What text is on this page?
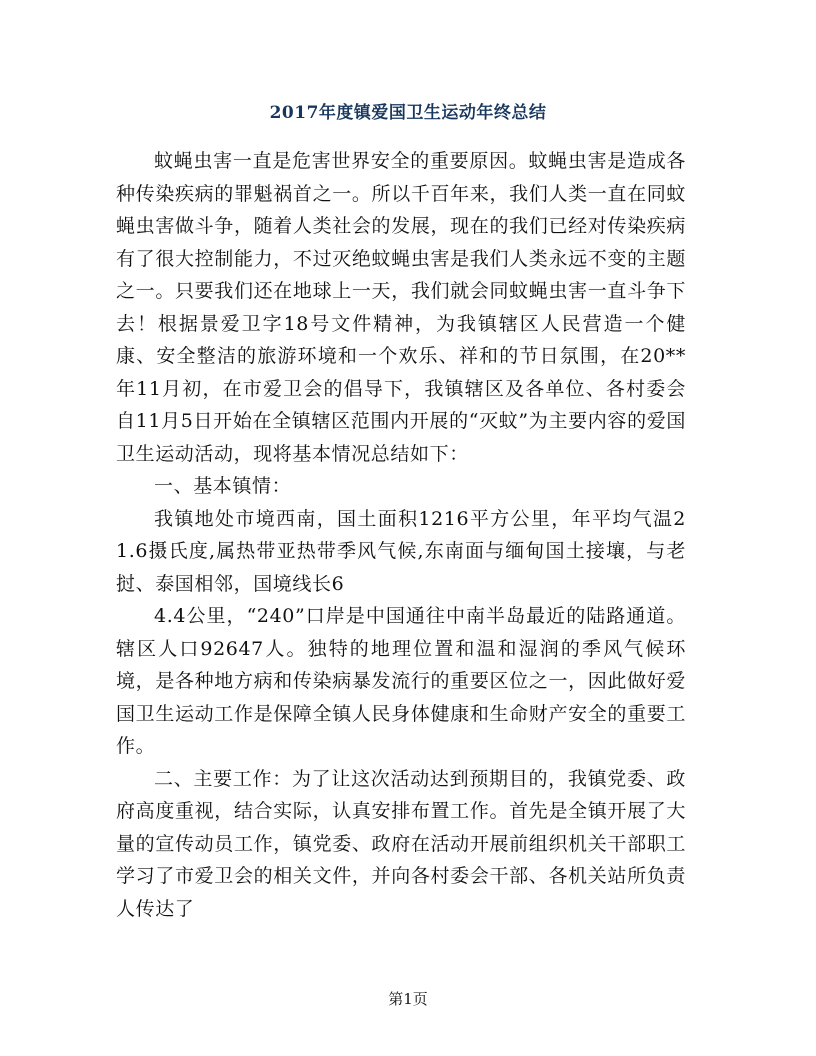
2017年度镇爱国卫生运动年终总结

蚊蝇虫害一直是危害世界安全的重要原因。蚊蝇虫害是造成各种传染疾病的罪魁祸首之一。所以千百年来，我们人类一直在同蚊蝇虫害做斗争，随着人类社会的发展，现在的我们已经对传染疾病有了很大控制能力，不过灭绝蚊蝇虫害是我们人类永远不变的主题之一。只要我们还在地球上一天，我们就会同蚊蝇虫害一直斗争下去！根据景爱卫字18号文件精神，为我镇辖区人民营造一个健康、安全整洁的旅游环境和一个欢乐、祥和的节日氛围，在20**年11月初，在市爱卫会的倡导下，我镇辖区及各单位、各村委会自11月5日开始在全镇辖区范围内开展的“灭蚊”为主要内容的爱国卫生运动活动，现将基本情况总结如下：

一、基本镇情：

我镇地处市境西南，国土面积1216平方公里，年平均气温21.6摄氏度,属热带亚热带季风气候,东南面与缅甸国土接壤，与老挝、泰国相邻，国境线长6

4.4公里，“240”口岸是中国通往中南半岛最近的陆路通道。辖区人口92647人。独特的地理位置和温和湿润的季风气候环境，是各种地方病和传染病暴发流行的重要区位之一，因此做好爱国卫生运动工作是保障全镇人民身体健康和生命财产安全的重要工作。

二、主要工作：为了让这次活动达到预期目的，我镇党委、政府高度重视，结合实际，认真安排布置工作。首先是全镇开展了大量的宣传动员工作，镇党委、政府在活动开展前组织机关干部职工学习了市爱卫会的相关文件，并向各村委会干部、各机关站所负责人传达了

第1页
